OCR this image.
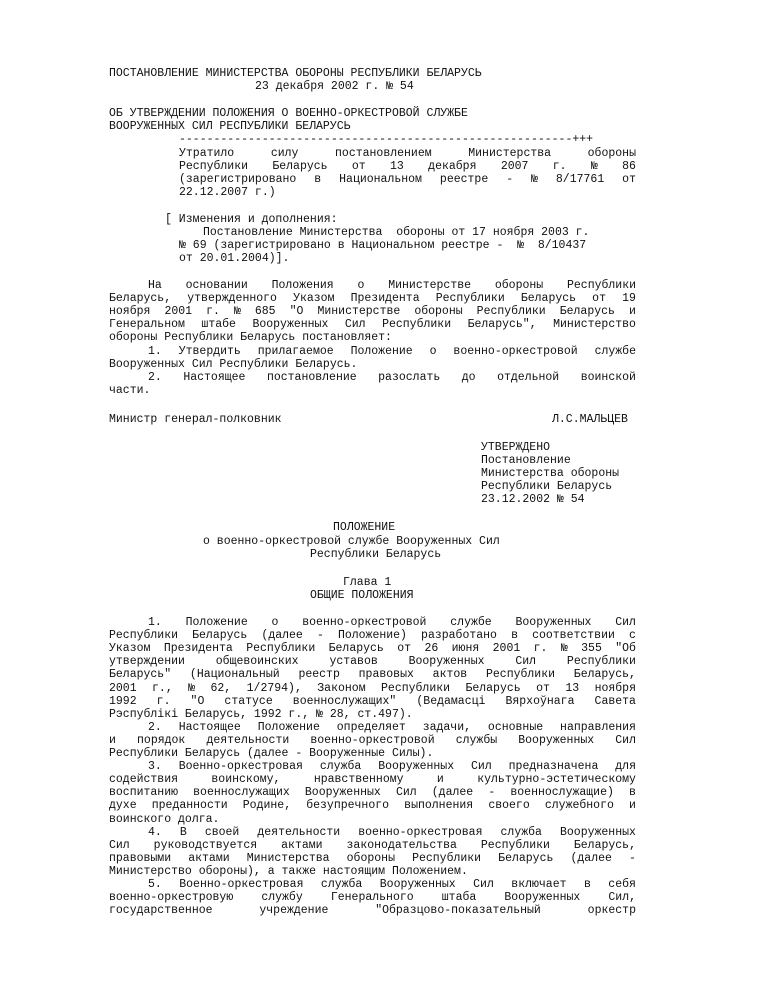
ПОСТАНОВЛЕНИЕ МИНИСТЕРСТВА ОБОРОНЫ РЕСПУБЛИКИ БЕЛАРУСЬ
23 декабря 2002 г. № 54
ОБ УТВЕРЖДЕНИИ ПОЛОЖЕНИЯ О ВОЕННО-ОРКЕСТРОВОЙ СЛУЖБЕ
ВООРУЖЕННЫХ СИЛ РЕСПУБЛИКИ БЕЛАРУСЬ
---------------------------------------------------------+++
Утратило	силу	постановлением	Министерства	обороны
Республики Беларусь от 13 декабря 2007 г. № 86
(зарегистрировано в Национальном реестре - № 8/17761 от
22.12.2007 г.)
[ Изменения и дополнения:
Постановление Министерства  обороны от 17 ноября 2003 г.
№ 69 (зарегистрировано в Национальном реестре -  №  8/10437
от 20.01.2004)].
На основании Положения о Министерстве обороны Республики
Беларусь, утвержденного Указом Президента Республики Беларусь от 19
ноября 2001 г. № 685 "О Министерстве обороны Республики Беларусь и
Генеральном штабе Вооруженных Сил Республики Беларусь", Министерство
обороны Республики Беларусь постановляет:
1. Утвердить прилагаемое Положение о военно-оркестровой службе
Вооруженных Сил Республики Беларусь.
2. Настоящее постановление разослать до отдельной воинской
части.
Министр генерал-полковник	Л.С.МАЛЬЦЕВ
УТВЕРЖДЕНО
Постановление
Министерства обороны
Республики Беларусь
23.12.2002 № 54
ПОЛОЖЕНИЕ
о военно-оркестровой службе Вооруженных Сил
Республики Беларусь
Глава 1
ОБЩИЕ ПОЛОЖЕНИЯ
1. Положение о военно-оркестровой службе Вооруженных Сил
Республики Беларусь (далее - Положение) разработано в соответствии с
Указом Президента Республики Беларусь от 26 июня 2001 г. № 355 "Об
утверждении	общевоинских	уставов	Вооруженных	Сил	Республики
Беларусь" (Национальный реестр правовых актов Республики Беларусь,
2001 г., № 62, 1/2794), Законом Республики Беларусь от 13 ноября
1992 г. "О статусе военнослужащих" (Ведамасці Вярхоўнага Савета
Рэспублікі Беларусь, 1992 г., № 28, ст.497).
2. Настоящее Положение определяет задачи, основные направления
и порядок деятельности военно-оркестровой службы Вооруженных Сил
Республики Беларусь (далее - Вооруженные Силы).
3. Военно-оркестровая служба Вооруженных Сил предназначена для
содействия	воинскому,	нравственному	и	культурно-эстетическому
воспитанию военнослужащих Вооруженных Сил (далее - военнослужащие) в
духе преданности Родине, безупречного выполнения своего служебного и
воинского долга.
4. В своей деятельности военно-оркестровая служба Вооруженных
Сил руководствуется актами законодательства Республики Беларусь,
правовыми актами Министерства обороны Республики Беларусь (далее -
Министерство обороны), а также настоящим Положением.
5. Военно-оркестровая служба Вооруженных Сил включает в себя
военно-оркестровую службу Генерального штаба Вооруженных Сил,
государственное	учреждение	"Образцово-показательный	оркестр
